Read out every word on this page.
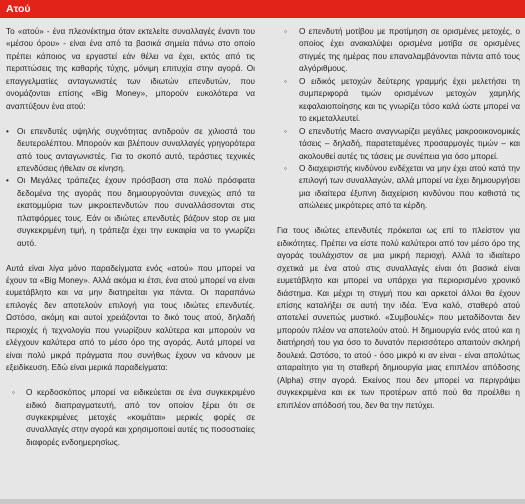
Ατού

Το «ατού» - ένα πλεονέκτημα όταν εκτελείτε συναλλαγές έναντι του «μέσου όρου» - είναι ένα από τα βασικά σημεία πάνω στο οποίο πρέπει κάποιος να εργαστεί εάν θέλει να έχει, εκτός από τις περιπτώσεις της καθαρής τύχης, μόνιμη επιτυχία στην αγορά. Οι επαγγελματίες ανταγωνιστές των ιδιωτών επενδυτών, που ονομάζονται επίσης «Big Money», μπορούν ευκολότερα να αναπτύξουν ένα ατού:

• Οι επενδυτές υψηλής συχνότητας αντιδρούν σε χιλιοστά του δευτερολέπτου. Μπορούν και βλέπουν συναλλαγές γρηγορότερα από τους ανταγωνιστές. Για το σκοπό αυτό, τεράστιες τεχνικές επενδύσεις ήθελαν σε κίνηση.
• Οι Μεγάλες τράπεζες έχουν πρόσβαση στα πολύ πρόσφατα δεδομένα της αγοράς που δημιουργούνται συνεχώς από τα εκατομμύρια των μικροεπενδυτών που συναλλάσσονται στις πλατφόρμες τους. Εάν οι ιδιώτες επενδυτές βάζουν stop σε μια συγκεκριμένη τιμή, η τράπεζα έχει την ευκαιρία να το γνωρίζει αυτό.

Αυτά είναι λίγα μόνο παραδείγματα ενός «ατού» που μπορεί να έχουν τα «Big Money». Αλλά ακόμα κι έτσι, ένα ατού μπορεί να είναι ευμετάβλητο και να μην διατηρείται για πάντα. Οι παραπάνω επιλογές δεν αποτελούν επιλογή για τους ιδιώτες επενδυτές. Ωστόσο, ακόμη και αυτοί χρειάζονται το δικό τους ατού, δηλαδή περιοχές ή τεχνολογία που γνωρίζουν καλύτερα και μπορούν να ελέγχουν καλύτερα από το μέσο όρο της αγοράς. Αυτά μπορεί να είναι πολύ μικρά πράγματα που συνήθως έχουν να κάνουν με εξειδίκευση. Εδώ είναι μερικά παραδείγματα:

◦	Ο κερδοσκόπος μπορεί να ειδικεύεται σε ένα συγκεκριμένο ειδικό διαπραγματευτή, από τον οποίον ξέρει ότι σε συγκεκριμένες μετοχές «κοιμάται» μερικές φορές σε συναλλαγές στην αγορά και χρησιμοποιεί αυτές τις ποσοστιαίες διαφορές ενδοημερησίως.
◦	Ο επενδυτή μοτίβου με προτίμηση σε ορισμένες μετοχές, ο οποίος έχει ανακαλύψει ορισμένα μοτίβα σε ορισμένες στιγμές της ημέρας που επαναλαμβάνονται πάντα από τους αλγόριθμους.
◦	Ο ειδικός μετοχών δεύτερης γραμμής έχει μελετήσει τη συμπεριφορά τιμών ορισμένων μετοχών χαμηλής κεφαλαιοποίησης και τις γνωρίζει τόσο καλά ώστε μπορεί να το εκμεταλλευτεί.
◦	Ο επενδυτής Macro αναγνωρίζει μεγάλες μακροοικονομικές τάσεις – δηλαδή, παρατεταμένες προσαρμογές τιμών – και ακολουθεί αυτές τις τάσεις με συνέπεια για όσο μπορεί.
◦	Ο διαχειριστής κινδύνου ενδέχεται να μην έχει ατού κατά την επιλογή των συναλλαγών, αλλά μπορεί να έχει δημιουργήσει μια ιδιαίτερα έξυπνη διαχείριση κινδύνου που καθιστά τις απώλειες μικρότερες από τα κέρδη.

Για τους ιδιώτες επενδυτές πρόκειται ως επί το πλείστον για ειδικότητες. Πρέπει να είστε πολύ καλύτεροι από τον μέσο όρο της αγοράς τουλάχιστον σε μια μικρή περιοχή. Αλλά το ιδιαίτερο σχετικά με ένα ατού στις συναλλαγές είναι ότι βασικά είναι ευμετάβλητο και μπορεί να υπάρχει για περιορισμένο χρονικό διάστημα. Και μέχρι τη στιγμή που και αρκετοί άλλοι θα έχουν επίσης καταλήξει σε αυτή την ιδέα. Ένα καλό, σταθερό ατού αποτελεί συνεπώς μυστικό. «Συμβουλές» που μεταδίδονται δεν μπορούν πλέον να αποτελούν ατού. Η δημιουργία ενός ατού και η διατήρησή του για όσο το δυνατόν περισσότερο απαιτούν σκληρή δουλειά. Ωστόσο, το ατού - όσο μικρό κι αν είναι - είναι απολύτως απαραίτητο για τη σταθερή δημιουργία μιας επιπλέον απόδοσης (Alpha) στην αγορά. Εκείνος που δεν μπορεί να περιγράψει συγκεκριμένα και εκ των προτέρων από πού θα προέλθει η επιπλέον απόδοσή του, δεν θα την πετύχει.
